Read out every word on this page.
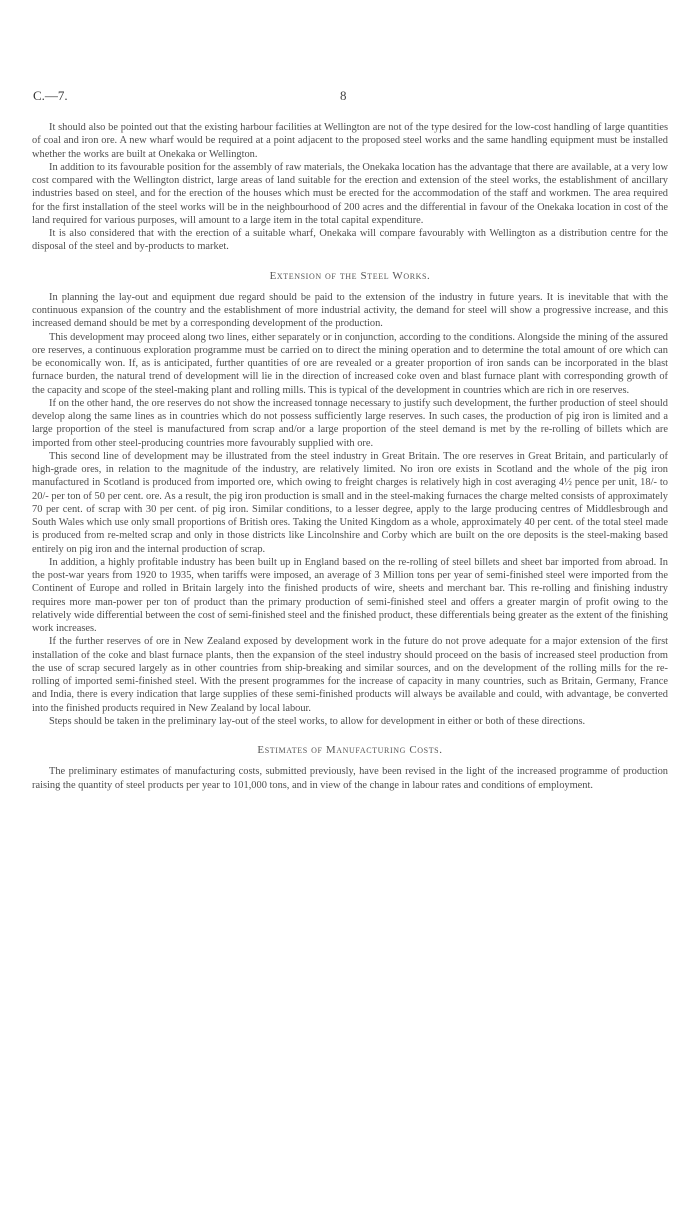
C.—7.	8

It should also be pointed out that the existing harbour facilities at Wellington are not of the type desired for the low-cost handling of large quantities of coal and iron ore. A new wharf would be required at a point adjacent to the proposed steel works and the same handling equipment must be installed whether the works are built at Onekaka or Wellington.

In addition to its favourable position for the assembly of raw materials, the Onekaka location has the advantage that there are available, at a very low cost compared with the Wellington district, large areas of land suitable for the erection and extension of the steel works, the establishment of ancillary industries based on steel, and for the erection of the houses which must be erected for the accommodation of the staff and workmen. The area required for the first installation of the steel works will be in the neighbourhood of 200 acres and the differential in favour of the Onekaka location in cost of the land required for various purposes, will amount to a large item in the total capital expenditure.

It is also considered that with the erection of a suitable wharf, Onekaka will compare favourably with Wellington as a distribution centre for the disposal of the steel and by-products to market.

Extension of the Steel Works.

In planning the lay-out and equipment due regard should be paid to the extension of the industry in future years. It is inevitable that with the continuous expansion of the country and the establishment of more industrial activity, the demand for steel will show a progressive increase, and this increased demand should be met by a corresponding development of the production.

This development may proceed along two lines, either separately or in conjunction, according to the conditions. Alongside the mining of the assured ore reserves, a continuous exploration programme must be carried on to direct the mining operation and to determine the total amount of ore which can be economically won. If, as is anticipated, further quantities of ore are revealed or a greater proportion of iron sands can be incorporated in the blast furnace burden, the natural trend of development will lie in the direction of increased coke oven and blast furnace plant with corresponding growth of the capacity and scope of the steel-making plant and rolling mills. This is typical of the development in countries which are rich in ore reserves.

If on the other hand, the ore reserves do not show the increased tonnage necessary to justify such development, the further production of steel should develop along the same lines as in countries which do not possess sufficiently large reserves. In such cases, the production of pig iron is limited and a large proportion of the steel is manufactured from scrap and/or a large proportion of the steel demand is met by the re-rolling of billets which are imported from other steel-producing countries more favourably supplied with ore.

This second line of development may be illustrated from the steel industry in Great Britain. The ore reserves in Great Britain, and particularly of high-grade ores, in relation to the magnitude of the industry, are relatively limited. No iron ore exists in Scotland and the whole of the pig iron manufactured in Scotland is produced from imported ore, which owing to freight charges is relatively high in cost averaging 4½ pence per unit, 18/- to 20/- per ton of 50 per cent. ore. As a result, the pig iron production is small and in the steel-making furnaces the charge melted consists of approximately 70 per cent. of scrap with 30 per cent. of pig iron. Similar conditions, to a lesser degree, apply to the large producing centres of Middlesbrough and South Wales which use only small proportions of British ores. Taking the United Kingdom as a whole, approximately 40 per cent. of the total steel made is produced from re-melted scrap and only in those districts like Lincolnshire and Corby which are built on the ore deposits is the steel-making based entirely on pig iron and the internal production of scrap.

In addition, a highly profitable industry has been built up in England based on the re-rolling of steel billets and sheet bar imported from abroad. In the post-war years from 1920 to 1935, when tariffs were imposed, an average of 3 Million tons per year of semi-finished steel were imported from the Continent of Europe and rolled in Britain largely into the finished products of wire, sheets and merchant bar. This re-rolling and finishing industry requires more man-power per ton of product than the primary production of semi-finished steel and offers a greater margin of profit owing to the relatively wide differential between the cost of semi-finished steel and the finished product, these differentials being greater as the extent of the finishing work increases.

If the further reserves of ore in New Zealand exposed by development work in the future do not prove adequate for a major extension of the first installation of the coke and blast furnace plants, then the expansion of the steel industry should proceed on the basis of increased steel production from the use of scrap secured largely as in other countries from ship-breaking and similar sources, and on the development of the rolling mills for the re-rolling of imported semi-finished steel. With the present programmes for the increase of capacity in many countries, such as Britain, Germany, France and India, there is every indication that large supplies of these semi-finished products will always be available and could, with advantage, be converted into the finished products required in New Zealand by local labour.

Steps should be taken in the preliminary lay-out of the steel works, to allow for development in either or both of these directions.

Estimates of Manufacturing Costs.

The preliminary estimates of manufacturing costs, submitted previously, have been revised in the light of the increased programme of production raising the quantity of steel products per year to 101,000 tons, and in view of the change in labour rates and conditions of employment.
